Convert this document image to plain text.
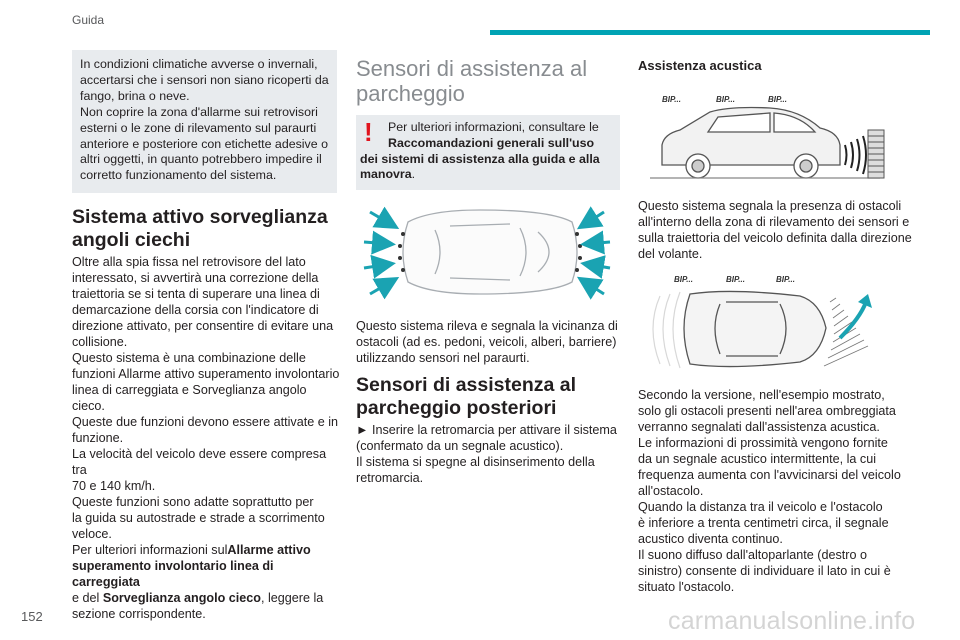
Guida

In condizioni climatiche avverse o invernali,
accertarsi che i sensori non siano ricoperti da
fango, brina o neve.
Non coprire la zona d'allarme sui retrovisori
esterni o le zone di rilevamento sul paraurti
anteriore e posteriore con etichette adesive o
altri oggetti, in quanto potrebbero impedire il
corretto funzionamento del sistema.

Sistema attivo sorveglianza
angoli ciechi

Oltre alla spia fissa nel retrovisore del lato
interessato, si avvertirà una correzione della
traiettoria se si tenta di superare una linea di
demarcazione della corsia con l'indicatore di
direzione attivato, per consentire di evitare una
collisione.
Questo sistema è una combinazione delle
funzioni Allarme attivo superamento involontario
linea di carreggiata e Sorveglianza angolo cieco.
Queste due funzioni devono essere attivate e in
funzione.
La velocità del veicolo deve essere compresa tra
70 e 140 km/h.
Queste funzioni sono adatte soprattutto per
la guida su autostrade e strade a scorrimento
veloce.
Per ulteriori informazioni sulAllarme attivo
superamento involontario linea di carreggiata
e del Sorveglianza angolo cieco, leggere la
sezione corrispondente.

152
Sensori di assistenza al
parcheggio
! Per ulteriori informazioni, consultare le
Raccomandazioni generali sull'uso
dei sistemi di assistenza alla guida e alla
manovra.

Questo sistema rileva e segnala la vicinanza di
ostacoli (ad es. pedoni, veicoli, alberi, barriere)
utilizzando sensori nel paraurti.

Sensori di assistenza al
parcheggio posteriori

► Inserire la retromarcia per attivare il sistema
(confermato da un segnale acustico).
Il sistema si spegne al disinserimento della
retromarcia.

Assistenza acustica
BIP...	BIP...	BIP...

Questo sistema segnala la presenza di ostacoli
all'interno della zona di rilevamento dei sensori e
sulla traiettoria del veicolo definita dalla direzione
del volante.

BIP...	BIP...	BIP...

Secondo la versione, nell'esempio mostrato,
solo gli ostacoli presenti nell'area ombreggiata
verranno segnalati dall'assistenza acustica.
Le informazioni di prossimità vengono fornite
da un segnale acustico intermittente, la cui
frequenza aumenta con l'avvicinarsi del veicolo
all'ostacolo.
Quando la distanza tra il veicolo e l'ostacolo
è inferiore a trenta centimetri circa, il segnale
acustico diventa continuo.
Il suono diffuso dall'altoparlante (destro o
sinistro) consente di individuare il lato in cui è
situato l'ostacolo.

carmanualsonline.info
